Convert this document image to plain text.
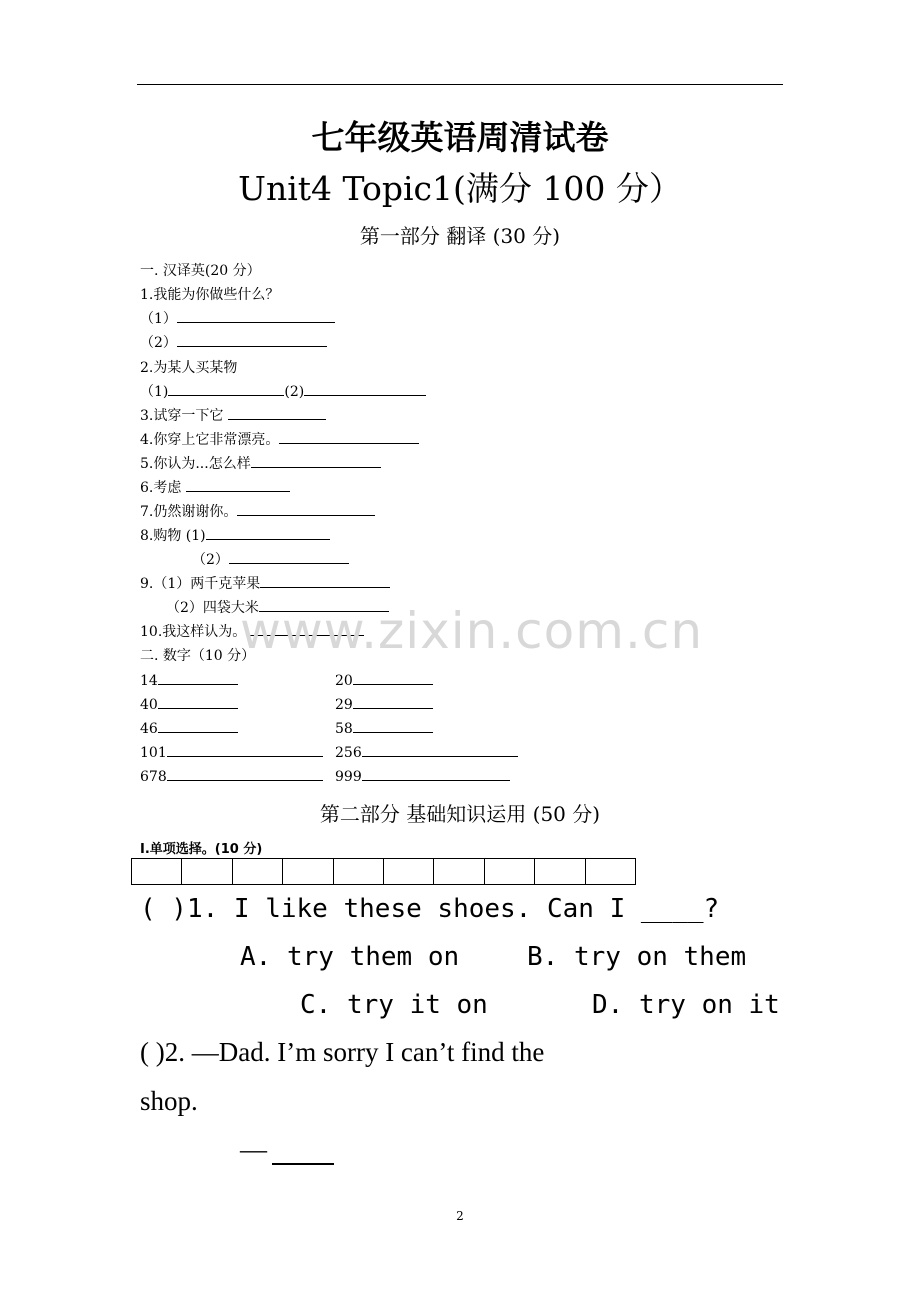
七年级英语周清试卷
Unit4 Topic1(满分 100 分）
第一部分 翻译 (30 分)
一. 汉译英(20 分）
1.我能为你做些什么？
（1）
（2）
2.为某人买某物
（1)	(2)
3.试穿一下它
4.你穿上它非常漂亮。
5.你认为...怎么样
6.考虑
7.仍然谢谢你。
8.购物 (1)
（2）
9.（1）两千克苹果
（2）四袋大米
10.我这样认为。
二. 数字（10 分）
14	20
40	29
46	58
101	256
678	999
第二部分 基础知识运用 (50 分)
Ⅰ.单项选择。(10 分)
( )1. I like these shoes. Can I ____?
A. try them on	B. try on them
C. try it on	D. try on it
( )2. —Dad. I’m sorry I can’t find the
shop.
—
www.zixin.com.cn
2
